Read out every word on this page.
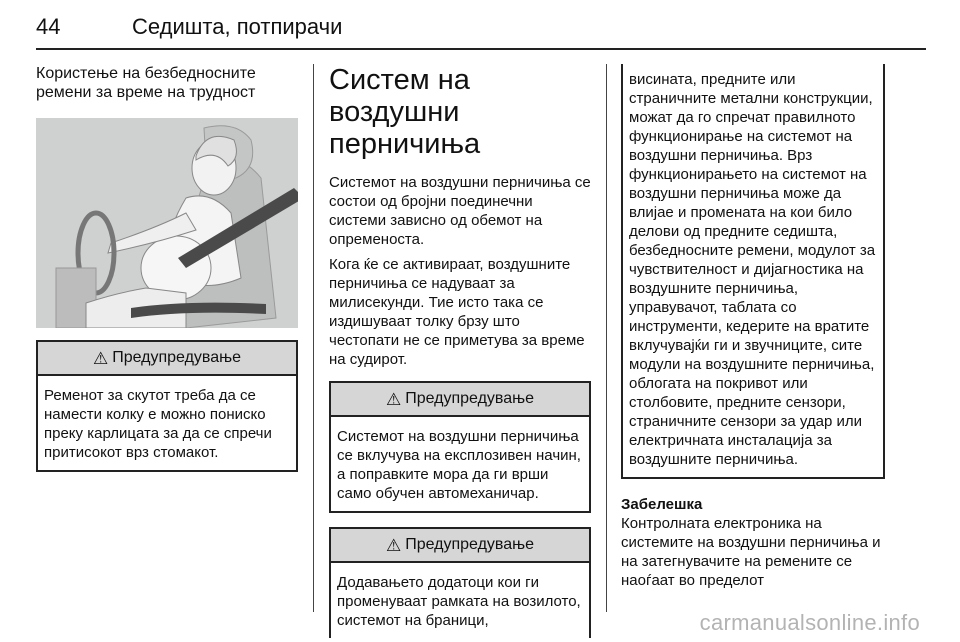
44	Седишта, потпирачи
Користење на безбедносните ремени за време на трудност
⚠ Предупредување
Ременот за скутот треба да се намести колку е можно пониско преку карлицата за да се спречи притисокот врз стомакот.
Систем на воздушни перничиња

Системот на воздушни перничиња се состои од бројни поединечни системи зависно од обемот на опременоста.

Кога ќе се активираат, воздушните перничиња се надуваат за милисекунди. Тие исто така се издишуваат толку брзу што честопати не се приметува за време на судирот.

⚠ Предупредување
Системот на воздушни перничиња се вклучува на експлозивен начин, а поправките мора да ги врши само обучен автомеханичар.
⚠ Предупредување
Додавањето додатоци кои ги променуваат рамката на возилото, системот на браници,
висината, предните или страничните метални конструкции, можат да го спречат правилното функционирање на системот на воздушни перничиња. Врз функционирањето на системот на воздушни перничиња може да влијае и промената на кои било делови од предните седишта, безбедносните ремени, модулот за чувствителност и дијагностика на воздушните перничиња, управувачот, таблата со инструменти, кедерите на вратите вклучувајќи ги и звучниците, сите модули на воздушните перничиња, облогата на покривот или столбовите, предните сензори, страничните сензори за удар или електричната инсталација за воздушните перничиња.
Забелешка

Контролната електроника на системите на воздушни перничиња и на затегнувачите на ремените се наоѓаат во пределот

carmanualsonline.info
